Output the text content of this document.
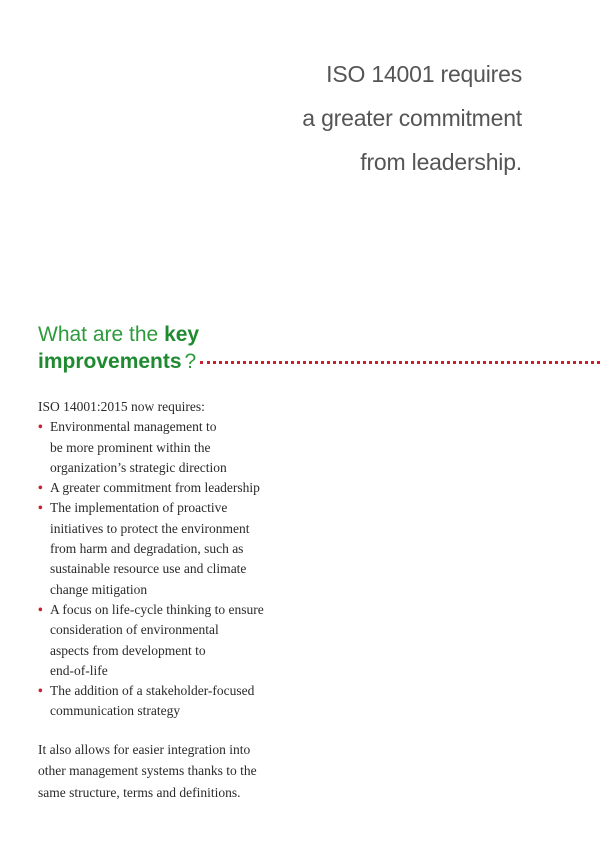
ISO 14001 requires
a greater commitment
from leadership.
What are the key
improvements ?

ISO 14001:2015 now requires:

• Environmental management to
be more prominent within the
organization’s strategic direction
• A greater commitment from leadership
• The implementation of proactive
initiatives to protect the environment
from harm and degradation, such as
sustainable resource use and climate
change mitigation
• A focus on life-cycle thinking to ensure
consideration of environmental
aspects from development to
end-of-life
• The addition of a stakeholder-focused
communication strategy

It also allows for easier integration into
other management systems thanks to the
same structure, terms and definitions.
